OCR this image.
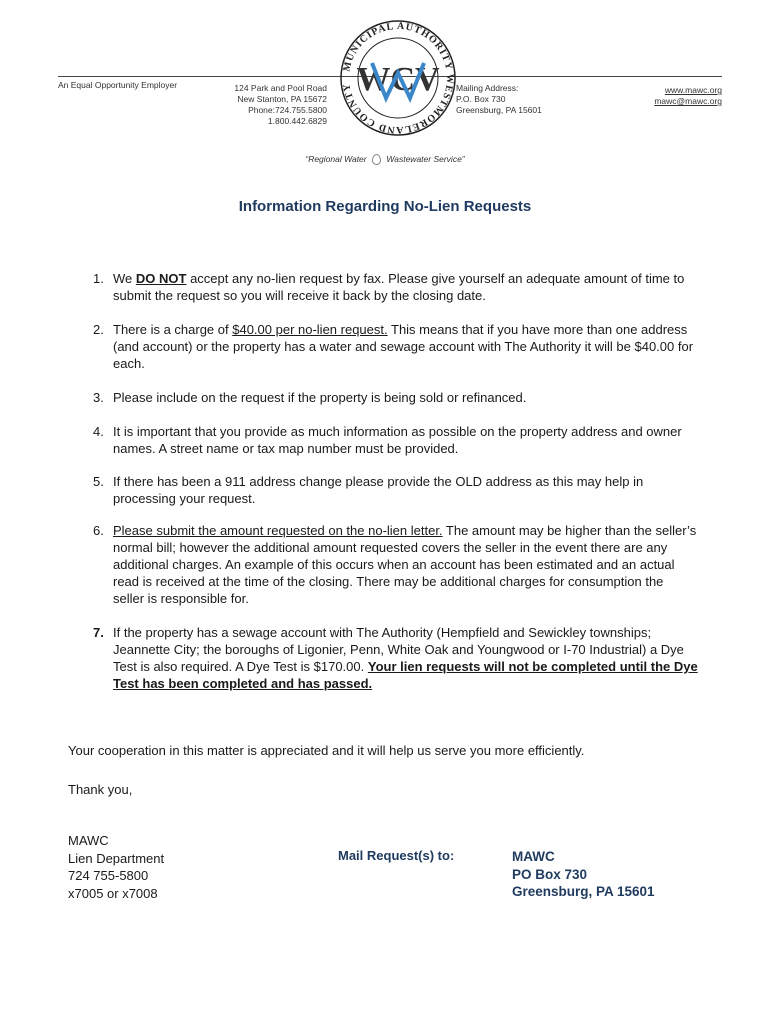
An Equal Opportunity Employer	124 Park and Pool Road
New Stanton, PA 15672
Phone:724.755.5800
1.800.442.6829
MUNICIPAL AUTHORITY WESTMORELAND COUNTY WCV Mailing Address:
P.O. Box 730
Greensburg, PA 15601
www.mawc.org
mawc@mawc.org
“Regional Water Wastewater Service”
Information Regarding No-Lien Requests
1. We DO NOT accept any no-lien request by fax. Please give yourself an adequate amount of time to submit the request so you will receive it back by the closing date.
2. There is a charge of $40.00 per no-lien request. This means that if you have more than one address (and account) or the property has a water and sewage account with The Authority it will be $40.00 for each.
3. Please include on the request if the property is being sold or refinanced.
4. It is important that you provide as much information as possible on the property address and owner names. A street name or tax map number must be provided.
5. If there has been a 911 address change please provide the OLD address as this may help in processing your request.
6. Please submit the amount requested on the no-lien letter. The amount may be higher than the seller’s normal bill; however the additional amount requested covers the seller in the event there are any additional charges. An example of this occurs when an account has been estimated and an actual read is received at the time of the closing. There may be additional charges for consumption the seller is responsible for.
7. If the property has a sewage account with The Authority (Hempfield and Sewickley townships; Jeannette City; the boroughs of Ligonier, Penn, White Oak and Youngwood or I-70 Industrial) a Dye Test is also required. A Dye Test is $170.00. Your lien requests will not be completed until the Dye Test has been completed and has passed.
Your cooperation in this matter is appreciated and it will help us serve you more efficiently.
Thank you,
MAWC
Lien Department
724 755-5800
x7005 or x7008
Mail Request(s) to:	MAWC
PO Box 730
Greensburg, PA 15601
